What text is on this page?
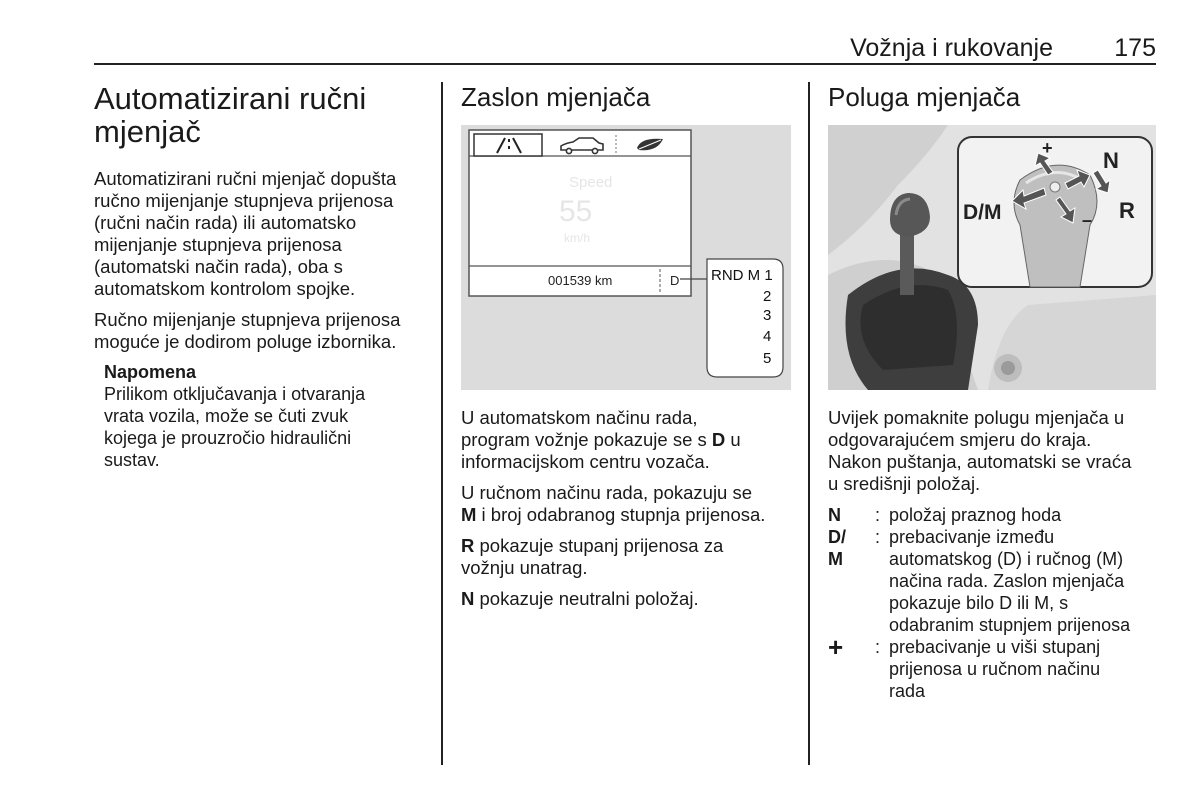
Vožnja i rukovanje 175
Automatizirani ručni
mjenjač
Automatizirani ručni mjenjač dopušta
ručno mijenjanje stupnjeva prijenosa
(ručni način rada) ili automatsko
mijenjanje stupnjeva prijenosa
(automatski način rada), oba s
automatskom kontrolom spojke.
Ručno mijenjanje stupnjeva prijenosa
moguće je dodirom poluge izbornika.
Napomena
Prilikom otključavanja i otvaranja
vrata vozila, može se čuti zvuk
kojega je prouzročio hidraulični
sustav.
Zaslon mjenjača
Speed
55
km/h
001539 km	D RND M 1
2
3
4
5
U automatskom načinu rada,
program vožnje pokazuje se s D u
informacijskom centru vozača.
U ručnom načinu rada, pokazuju se
M i broj odabranog stupnja prijenosa.
R pokazuje stupanj prijenosa za
vožnju unatrag.
N pokazuje neutralni položaj.
Poluga mjenjača
+
–
N
D/M	R
Uvijek pomaknite polugu mjenjača u
odgovarajućem smjeru do kraja.
Nakon puštanja, automatski se vraća
u središnji položaj.
N : položaj praznog hoda
D/
M
: prebacivanje između
automatskog (D) i ručnog (M)
načina rada. Zaslon mjenjača
pokazuje bilo D ili M, s
odabranim stupnjem prijenosa
+ : prebacivanje u viši stupanj
prijenosa u ručnom načinu
rada
